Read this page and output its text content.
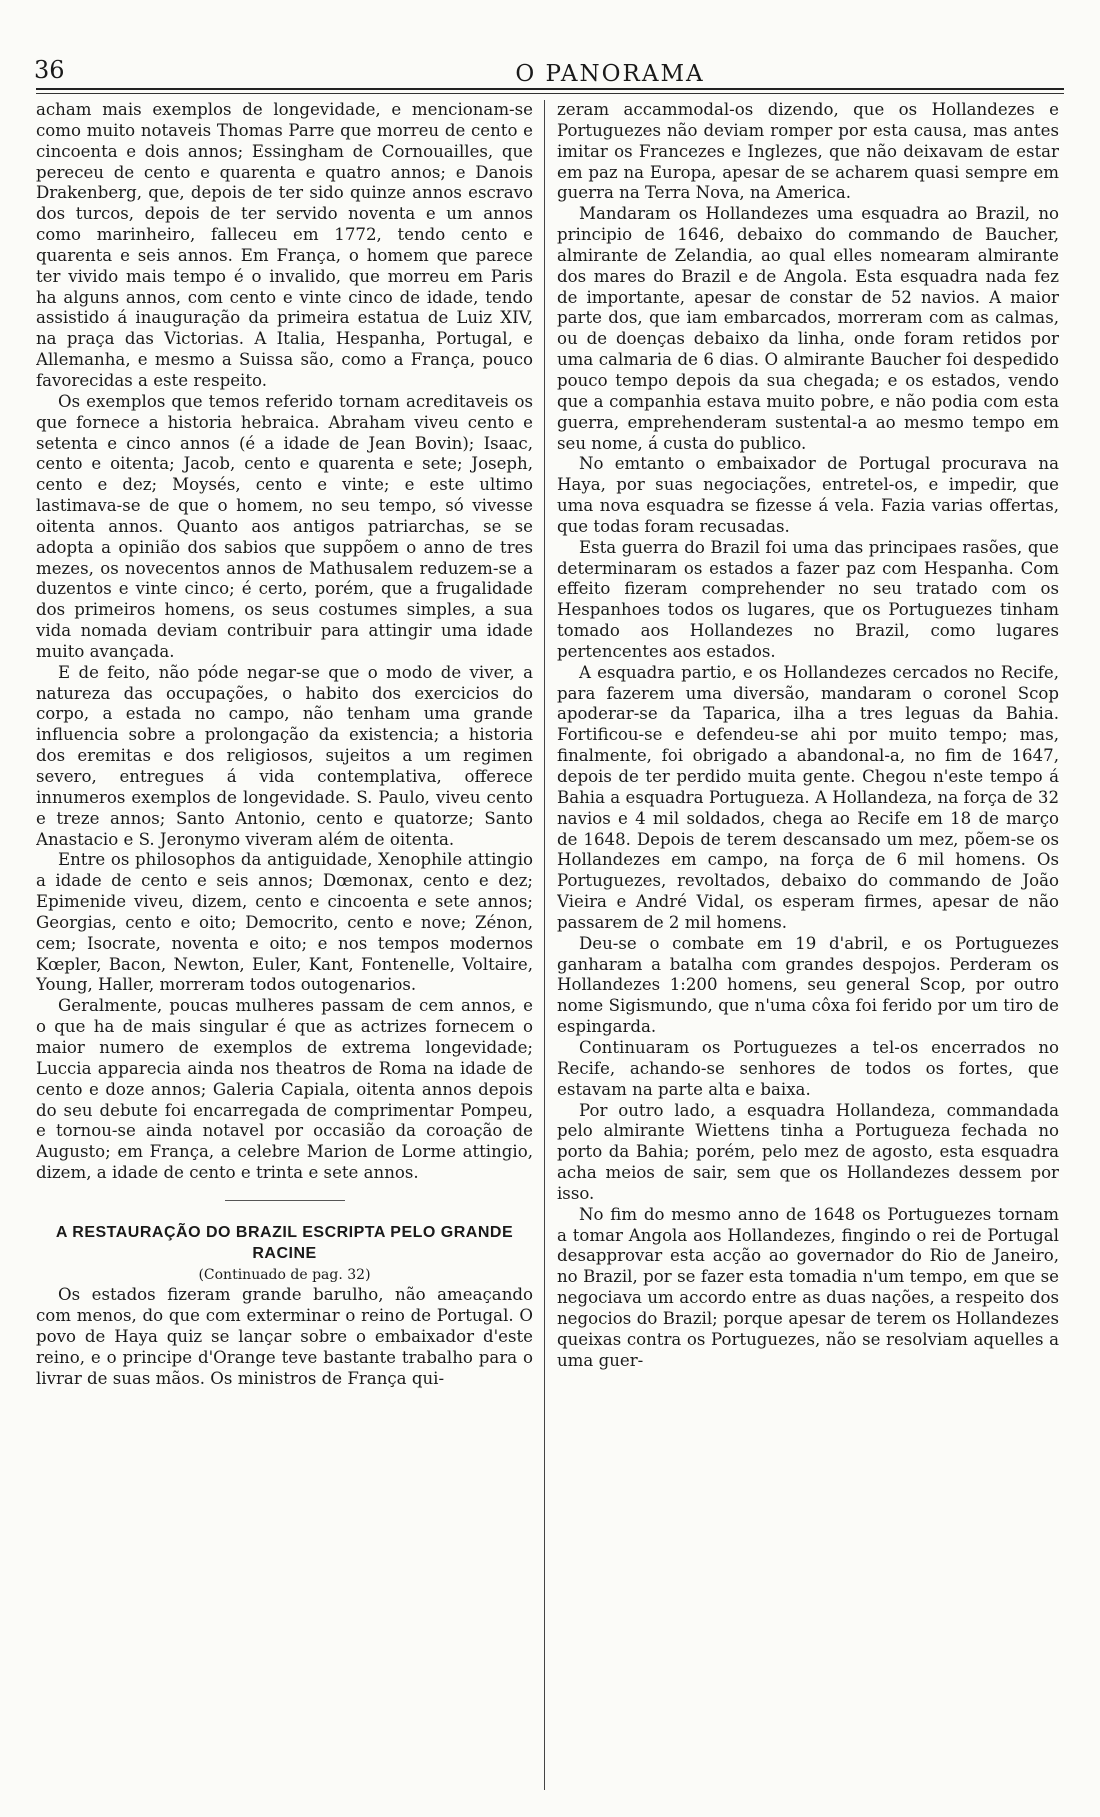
36	O PANORAMA

acham mais exemplos de longevidade, e mencionam-se como muito notaveis Thomas Parre que morreu de cento e cincoenta e dois annos; Essingham de Cornouailles, que pereceu de cento e quarenta e quatro annos; e Danois Drakenberg, que, depois de ter sido quinze annos escravo dos turcos, depois de ter servido noventa e um annos como marinheiro, falleceu em 1772, tendo cento e quarenta e seis annos. Em França, o homem que parece ter vivido mais tempo é o invalido, que morreu em Paris ha alguns annos, com cento e vinte cinco de idade, tendo assistido á inauguração da primeira estatua de Luiz XIV, na praça das Victorias. A Italia, Hespanha, Portugal, e Allemanha, e mesmo a Suissa são, como a França, pouco favorecidas a este respeito.

Os exemplos que temos referido tornam acreditaveis os que fornece a historia hebraica. Abraham viveu cento e setenta e cinco annos (é a idade de Jean Bovin); Isaac, cento e oitenta; Jacob, cento e quarenta e sete; Joseph, cento e dez; Moysés, cento e vinte; e este ultimo lastimava-se de que o homem, no seu tempo, só vivesse oitenta annos. Quanto aos antigos patriarchas, se se adopta a opinião dos sabios que suppõem o anno de tres mezes, os novecentos annos de Mathusalem reduzem-se a duzentos e vinte cinco; é certo, porém, que a frugalidade dos primeiros homens, os seus costumes simples, a sua vida nomada deviam contribuir para attingir uma idade muito avançada.

E de feito, não póde negar-se que o modo de viver, a natureza das occupações, o habito dos exercicios do corpo, a estada no campo, não tenham uma grande influencia sobre a prolongação da existencia; a historia dos eremitas e dos religiosos, sujeitos a um regimen severo, entregues á vida contemplativa, offerece innumeros exemplos de longevidade. S. Paulo, viveu cento e treze annos; Santo Antonio, cento e quatorze; Santo Anastacio e S. Jeronymo viveram além de oitenta.

Entre os philosophos da antiguidade, Xenophile attingio a idade de cento e seis annos; Dœmonax, cento e dez; Epimenide viveu, dizem, cento e cincoenta e sete annos; Georgias, cento e oito; Democrito, cento e nove; Zénon, cem; Isocrate, noventa e oito; e nos tempos modernos Kœpler, Bacon, Newton, Euler, Kant, Fontenelle, Voltaire, Young, Haller, morreram todos outogenarios.

Geralmente, poucas mulheres passam de cem annos, e o que ha de mais singular é que as actrizes fornecem o maior numero de exemplos de extrema longevidade; Luccia apparecia ainda nos theatros de Roma na idade de cento e doze annos; Galeria Capiala, oitenta annos depois do seu debute foi encarregada de comprimentar Pompeu, e tornou-se ainda notavel por occasião da coroação de Augusto; em França, a celebre Marion de Lorme attingio, dizem, a idade de cento e trinta e sete annos.

A RESTAURAÇÃO DO BRAZIL ESCRIPTA PELO GRANDE RACINE

(Continuado de pag. 32)

Os estados fizeram grande barulho, não ameaçando com menos, do que com exterminar o reino de Portugal. O povo de Haya quiz se lançar sobre o embaixador d'este reino, e o principe d'Orange teve bastante trabalho para o livrar de suas mãos. Os ministros de França qui-

zeram accammodal-os dizendo, que os Hollandezes e Portuguezes não deviam romper por esta causa, mas antes imitar os Francezes e Inglezes, que não deixavam de estar em paz na Europa, apesar de se acharem quasi sempre em guerra na Terra Nova, na America.

Mandaram os Hollandezes uma esquadra ao Brazil, no principio de 1646, debaixo do commando de Baucher, almirante de Zelandia, ao qual elles nomearam almirante dos mares do Brazil e de Angola. Esta esquadra nada fez de importante, apesar de constar de 52 navios. A maior parte dos, que iam embarcados, morreram com as calmas, ou de doenças debaixo da linha, onde foram retidos por uma calmaria de 6 dias. O almirante Baucher foi despedido pouco tempo depois da sua chegada; e os estados, vendo que a companhia estava muito pobre, e não podia com esta guerra, emprehenderam sustental-a ao mesmo tempo em seu nome, á custa do publico.

No emtanto o embaixador de Portugal procurava na Haya, por suas negociações, entretel-os, e impedir, que uma nova esquadra se fizesse á vela. Fazia varias offertas, que todas foram recusadas.

Esta guerra do Brazil foi uma das principaes rasões, que determinaram os estados a fazer paz com Hespanha. Com effeito fizeram comprehender no seu tratado com os Hespanhoes todos os lugares, que os Portuguezes tinham tomado aos Hollandezes no Brazil, como lugares pertencentes aos estados.

A esquadra partio, e os Hollandezes cercados no Recife, para fazerem uma diversão, mandaram o coronel Scop apoderar-se da Taparica, ilha a tres leguas da Bahia. Fortificou-se e defendeu-se ahi por muito tempo; mas, finalmente, foi obrigado a abandonal-a, no fim de 1647, depois de ter perdido muita gente. Chegou n'este tempo á Bahia a esquadra Portugueza. A Hollandeza, na força de 32 navios e 4 mil soldados, chega ao Recife em 18 de março de 1648. Depois de terem descansado um mez, põem-se os Hollandezes em campo, na força de 6 mil homens. Os Portuguezes, revoltados, debaixo do commando de João Vieira e André Vidal, os esperam firmes, apesar de não passarem de 2 mil homens.

Deu-se o combate em 19 d'abril, e os Portuguezes ganharam a batalha com grandes despojos. Perderam os Hollandezes 1:200 homens, seu general Scop, por outro nome Sigismundo, que n'uma côxa foi ferido por um tiro de espingarda.

Continuaram os Portuguezes a tel-os encerrados no Recife, achando-se senhores de todos os fortes, que estavam na parte alta e baixa.

Por outro lado, a esquadra Hollandeza, commandada pelo almirante Wiettens tinha a Portugueza fechada no porto da Bahia; porém, pelo mez de agosto, esta esquadra acha meios de sair, sem que os Hollandezes dessem por isso.

No fim do mesmo anno de 1648 os Portuguezes tornam a tomar Angola aos Hollandezes, fingindo o rei de Portugal desapprovar esta acção ao governador do Rio de Janeiro, no Brazil, por se fazer esta tomadia n'um tempo, em que se negociava um accordo entre as duas nações, a respeito dos negocios do Brazil; porque apesar de terem os Hollandezes queixas contra os Portuguezes, não se resolviam aquelles a uma guer-
